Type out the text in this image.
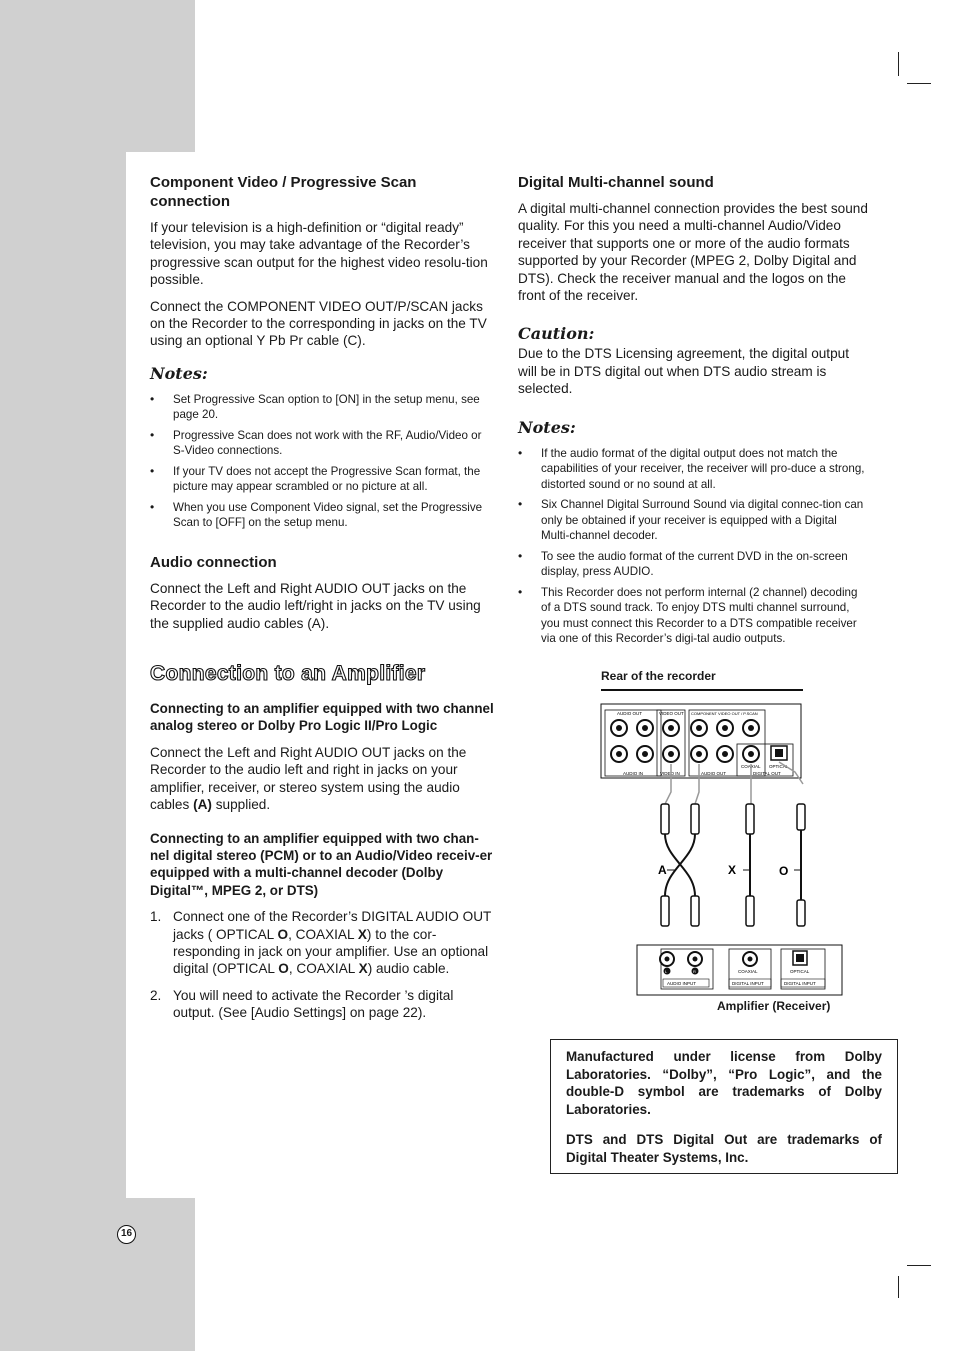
Component Video / Progressive Scan connection

If your television is a high-definition or “digital ready” television, you may take advantage of the Recorder’s progressive scan output for the highest video resolu-tion possible.

Connect the COMPONENT VIDEO OUT/P/SCAN jacks on the Recorder to the corresponding in jacks on the TV using an optional Y Pb Pr cable (C).

Notes:
• Set Progressive Scan option to [ON] in the setup menu, see page 20.
• Progressive Scan does not work with the RF, Audio/Video or S-Video connections.
• If your TV does not accept the Progressive Scan format, the picture may appear scrambled or no picture at all.
• When you use Component Video signal, set the Progressive Scan to [OFF] on the setup menu.
Audio connection

Connect the Left and Right AUDIO OUT jacks on the Recorder to the audio left/right in jacks on the TV using the supplied audio cables (A).

Connection to an Amplifier

Connecting to an amplifier equipped with two channel analog stereo or Dolby Pro Logic II/Pro Logic

Connect the Left and Right AUDIO OUT jacks on the Recorder to the audio left and right in jacks on your amplifier, receiver, or stereo system using the audio cables (A) supplied.

Connecting to an amplifier equipped with two chan-nel digital stereo (PCM) or to an Audio/Video receiv-er equipped with a multi-channel decoder (Dolby Digital™, MPEG 2, or DTS)

1. Connect one of the Recorder’s DIGITAL AUDIO OUT jacks ( OPTICAL O, COAXIAL X) to the cor-responding in jack on your amplifier. Use an optional digital (OPTICAL O, COAXIAL X) audio cable.
2. You will need to activate the Recorder ’s digital output. (See [Audio Settings] on page 22).
Digital Multi-channel sound

A digital multi-channel connection provides the best sound quality. For this you need a multi-channel Audio/Video receiver that supports one or more of the audio formats supported by your Recorder (MPEG 2, Dolby Digital and DTS). Check the receiver manual and the logos on the front of the receiver.

Caution:

Due to the DTS Licensing agreement, the digital output will be in DTS digital out when DTS audio stream is selected.

Notes:
• If the audio format of the digital output does not match the capabilities of your receiver, the receiver will pro-duce a strong, distorted sound or no sound at all.
• Six Channel Digital Surround Sound via digital connec-tion can only be obtained if your receiver is equipped with a Digital Multi-channel decoder.
• To see the audio format of the current DVD in the on-screen display, press AUDIO.
• This Recorder does not perform internal (2 channel) decoding of a DTS sound track. To enjoy DTS multi channel surround, you must connect this Recorder to a DTS compatible receiver via one of this Recorder’s digi-tal audio outputs.
Rear of the recorder
AUDIO OUT	VIDEO OUT COMPONENT VIDEO OUT / P.SCAN
AUDIO IN	VIDEO IN	AUDIO OUT	DIGITAL OUT
COAXIAL OPTICAL
A	X	O
L	R	COAXIAL	OPTICAL
AUDIO INPUT	DIGITAL INPUT	DIGITAL INPUT
Amplifier (Receiver)

Manufactured under license from Dolby Laboratories. “Dolby”, “Pro Logic”, and the double-D symbol are trademarks of Dolby Laboratories.

DTS and DTS Digital Out are trademarks of Digital Theater Systems, Inc.

16
